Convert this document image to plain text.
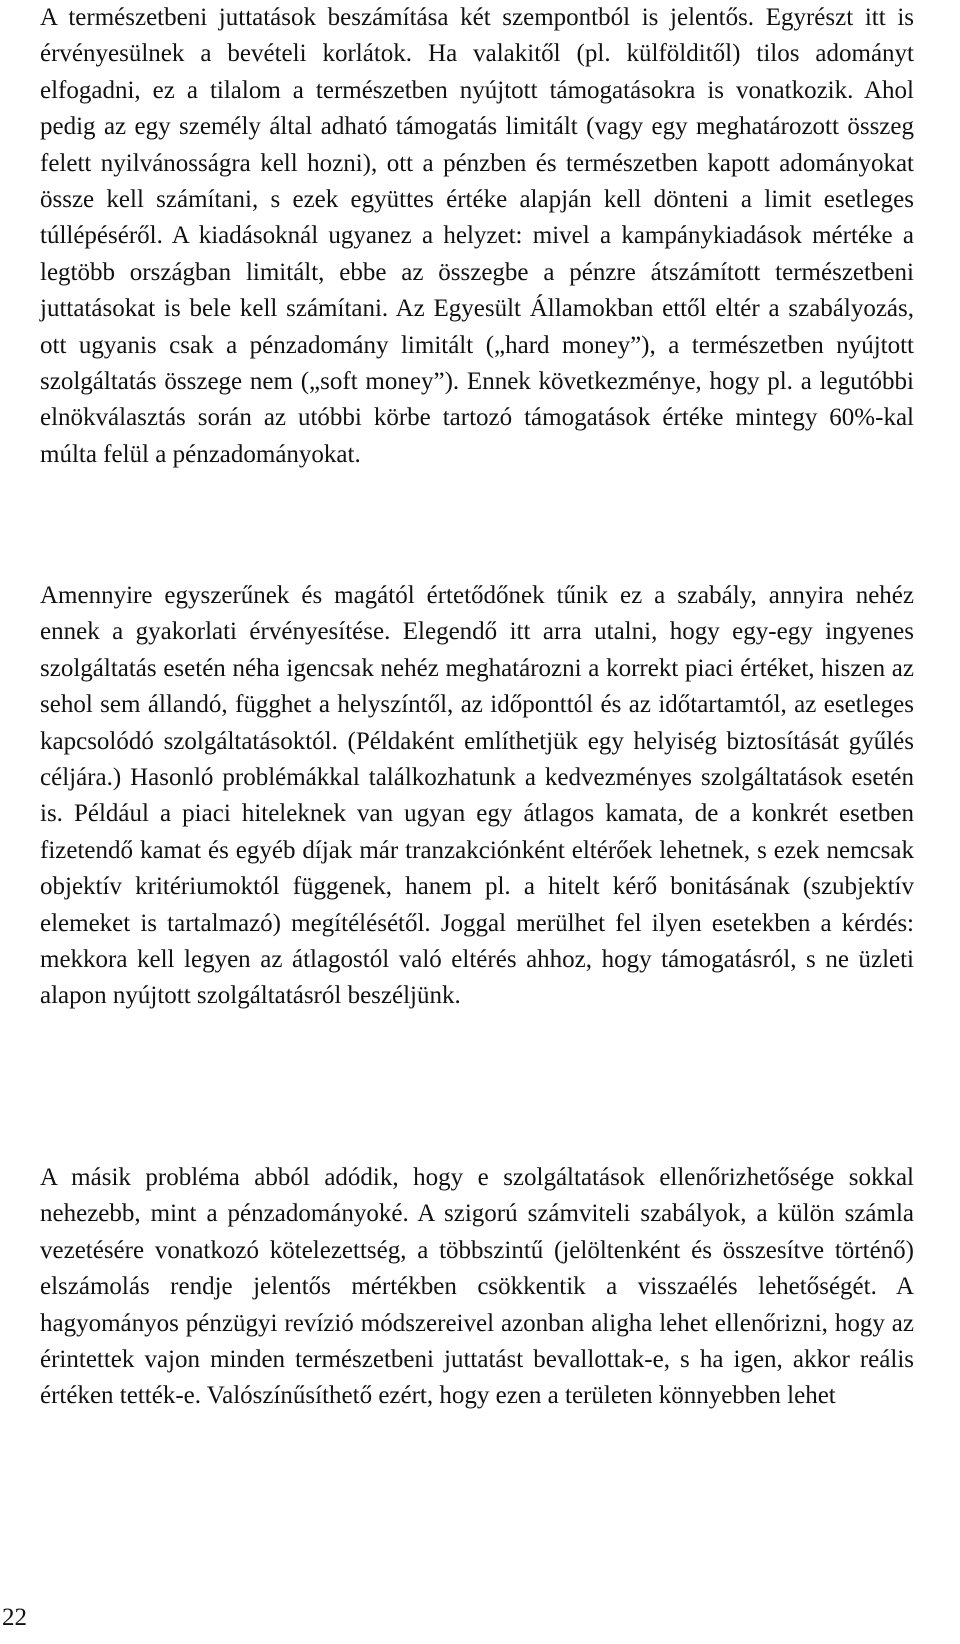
A természetbeni juttatások beszámítása két szempontból is jelentős. Egyrészt itt is érvényesülnek a bevételi korlátok. Ha valakitől (pl. külfölditől) tilos adományt elfogadni, ez a tilalom a természetben nyújtott támogatásokra is vonatkozik. Ahol pedig az egy személy által adható támogatás limitált (vagy egy meghatározott összeg felett nyilvánosságra kell hozni), ott a pénzben és természetben kapott adományokat össze kell számítani, s ezek együttes értéke alapján kell dönteni a limit esetleges túllépéséről. A kiadásoknál ugyanez a helyzet: mivel a kampánykiadások mértéke a legtöbb országban limitált, ebbe az összegbe a pénzre átszámított természetbeni juttatásokat is bele kell számítani. Az Egyesült Államokban ettől eltér a szabályozás, ott ugyanis csak a pénzadomány limitált („hard money”), a természetben nyújtott szolgáltatás összege nem („soft money”). Ennek következménye, hogy pl. a legutóbbi elnökválasztás során az utóbbi körbe tartozó támogatások értéke mintegy 60%-kal múlta felül a pénzadományokat.

Amennyire egyszerűnek és magától értetődőnek tűnik ez a szabály, annyira nehéz ennek a gyakorlati érvényesítése. Elegendő itt arra utalni, hogy egy-egy ingyenes szolgáltatás esetén néha igencsak nehéz meghatározni a korrekt piaci értéket, hiszen az sehol sem állandó, függhet a helyszíntől, az időponttól és az időtartamtól, az esetleges kapcsolódó szolgáltatásoktól. (Példaként említhetjük egy helyiség biztosítását gyűlés céljára.) Hasonló problémákkal találkozhatunk a kedvezményes szolgáltatások esetén is. Például a piaci hiteleknek van ugyan egy átlagos kamata, de a konkrét esetben fizetendő kamat és egyéb díjak már tranzakciónként eltérőek lehetnek, s ezek nemcsak objektív kritériumoktól függenek, hanem pl. a hitelt kérő bonitásának (szubjektív elemeket is tartalmazó) megítélésétől. Joggal merülhet fel ilyen esetekben a kérdés: mekkora kell legyen az átlagostól való eltérés ahhoz, hogy támogatásról, s ne üzleti alapon nyújtott szolgáltatásról beszéljünk.

A másik probléma abból adódik, hogy e szolgáltatások ellenőrizhetősége sokkal nehezebb, mint a pénzadományoké. A szigorú számviteli szabályok, a külön számla vezetésére vonatkozó kötelezettség, a többszintű (jelöltenként és összesítve történő) elszámolás rendje jelentős mértékben csökkentik a visszaélés lehetőségét. A hagyományos pénzügyi revízió módszereivel azonban aligha lehet ellenőrizni, hogy az érintettek vajon minden természetbeni juttatást bevallottak-e, s ha igen, akkor reális értéken tették-e. Valószínűsíthető ezért, hogy ezen a területen könnyebben lehet

22
